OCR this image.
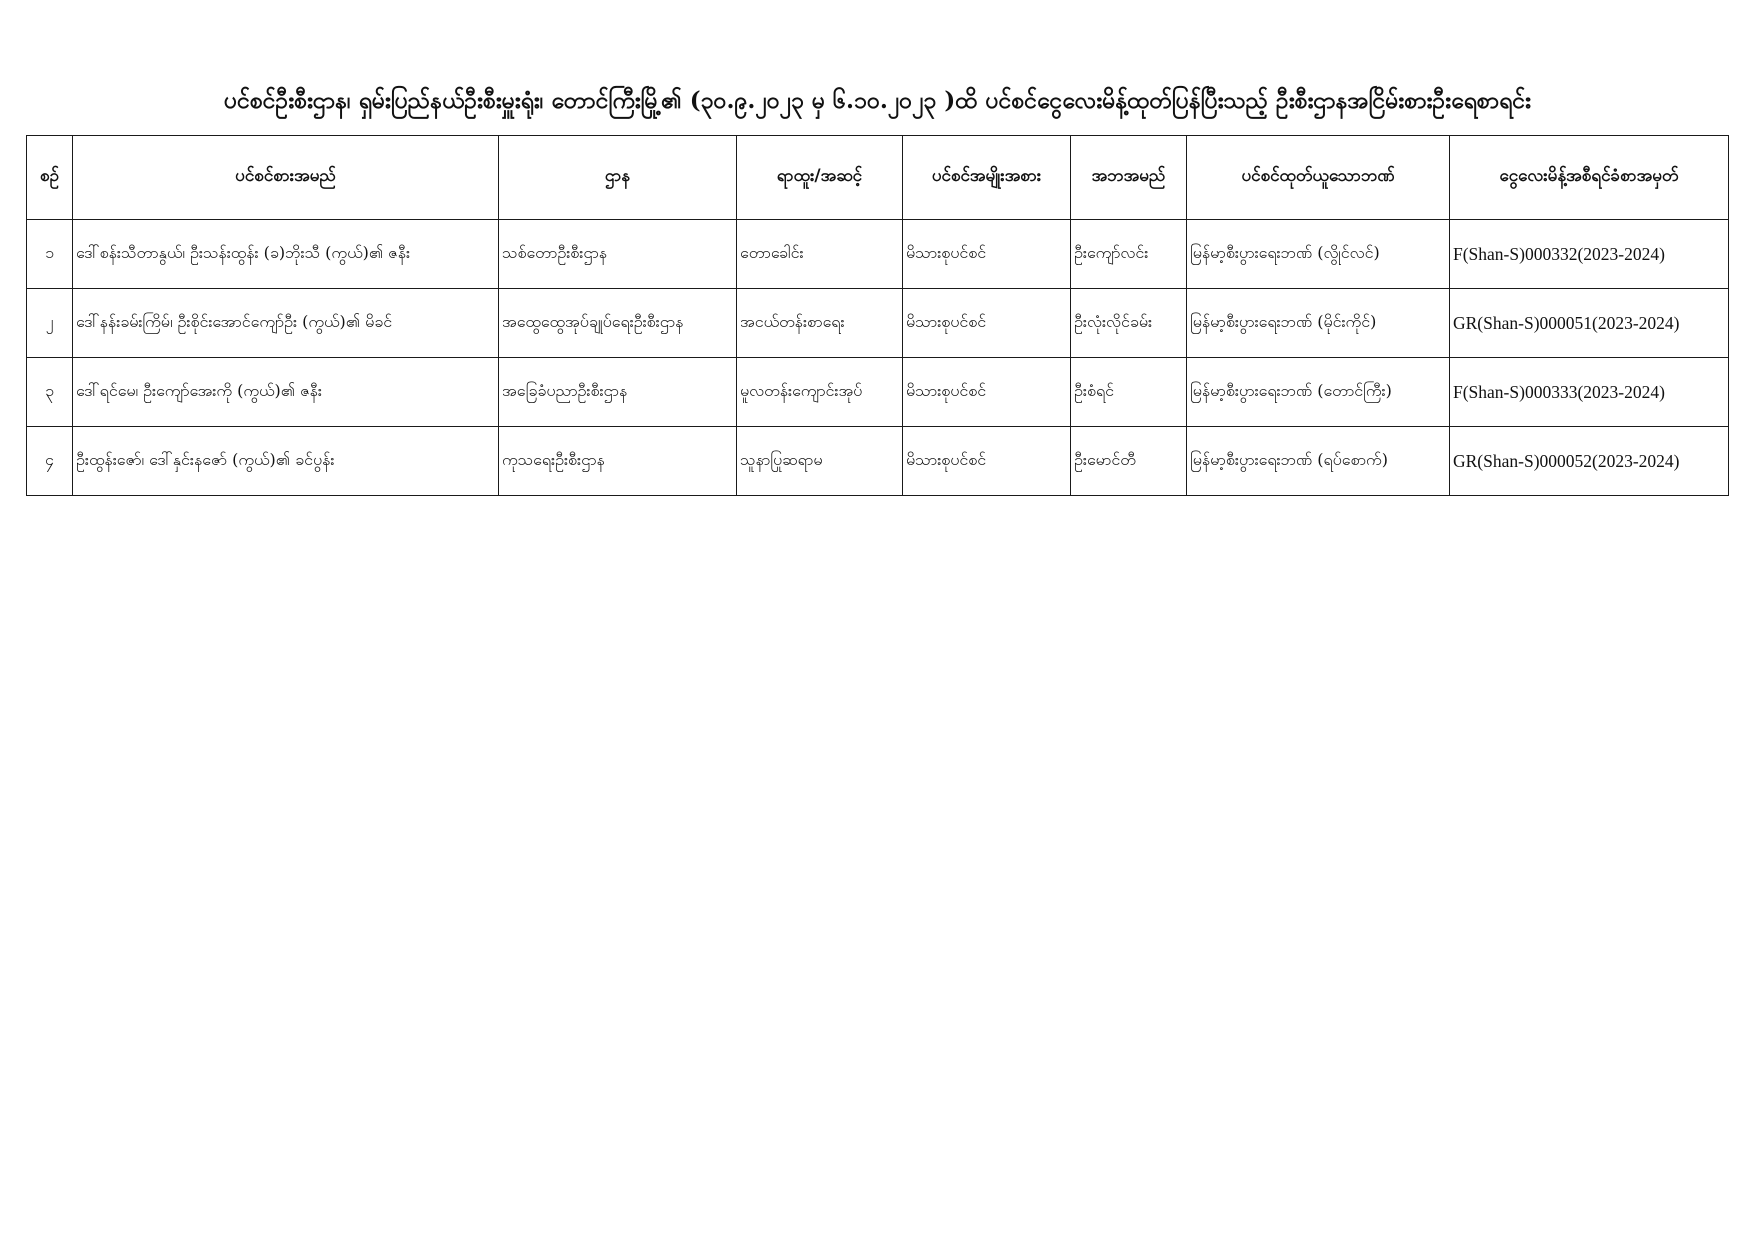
ပင်စင်ဦးစီးဌာန၊ ရှမ်းပြည်နယ်ဦးစီးမှူးရုံး၊ တောင်ကြီးမြို့၏ (၃၀.၉.၂၀၂၃ မှ ၆.၁၀.၂၀၂၃ )ထိ ပင်စင်ငွေလေးမိန့်ထုတ်ပြန်ပြီးသည့် ဦးစီးဌာနအငြိမ်းစားဦးရေစာရင်း
စဉ်	ပင်စင်စားအမည်	ဌာန	ရာထူး/အဆင့်	ပင်စင်အမျိုးအစား	အဘအမည်	ပင်စင်ထုတ်ယူသောဘဏ်	ငွေလေးမိန့်အစီရင်ခံစာအမှတ်
၁	ဒေါ်စန်းသီတာနွယ်၊ ဦးသန်းထွန်း (ခ)ဘိုးသီ (ကွယ်)၏ ဇနီး	သစ်တောဦးစီးဌာန	တောခေါင်း	မိသားစုပင်စင်	ဦးကျော်လင်း	မြန်မာ့စီးပွားရေးဘဏ် (လွိုင်လင်)	F(Shan-S)000332(2023-2024)
၂	ဒေါ်နန်းခမ်းကြိမ်၊ ဦးစိုင်းအောင်ကျော်ဦး (ကွယ်)၏ မိခင်	အထွေထွေအုပ်ချုပ်ရေးဦးစီးဌာန	အငယ်တန်းစာရေး	မိသားစုပင်စင်	ဦးလုံးလိုင်ခမ်း	မြန်မာ့စီးပွားရေးဘဏ် (မိုင်းကိုင်)	GR(Shan-S)000051(2023-2024)
၃	ဒေါ်ရင်မေ၊ ဦးကျော်အေးကို (ကွယ်)၏ ဇနီး	အခြေခံပညာဦးစီးဌာန	မူလတန်းကျောင်းအုပ်	မိသားစုပင်စင်	ဦးစံရင်	မြန်မာ့စီးပွားရေးဘဏ် (တောင်ကြီး)	F(Shan-S)000333(2023-2024)
၄	ဦးထွန်းဇော်၊ ဒေါ်နှင်းနဇော် (ကွယ်)၏ ခင်ပွန်း	ကုသရေးဦးစီးဌာန	သူနာပြုဆရာမ	မိသားစုပင်စင်	ဦးမောင်တီ	မြန်မာ့စီးပွားရေးဘဏ် (ရပ်စောက်)	GR(Shan-S)000052(2023-2024)
